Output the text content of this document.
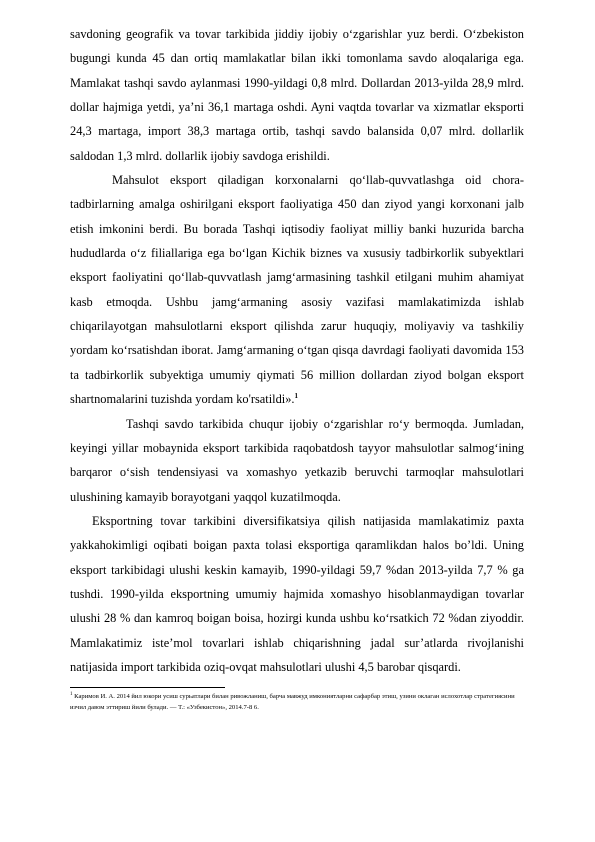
savdoning geografik va tovar tarkibida jiddiy ijobiy o‘zgarishlar yuz berdi. O‘zbekiston bugungi kunda 45 dan ortiq mamlakatlar bilan ikki tomonlama savdo aloqalariga ega. Mamlakat tashqi savdo aylanmasi 1990-yildagi 0,8 mlrd. Dollardan 2013-yilda 28,9 mlrd. dollar hajmiga yetdi, ya’ni 36,1 martaga oshdi. Ayni vaqtda tovarlar va xizmatlar eksporti 24,3 martaga, import 38,3 martaga ortib, tashqi savdo balansida 0,07 mlrd. dollarlik saldodan 1,3 mlrd. dollarlik ijobiy savdoga erishildi.

Mahsulot eksport qiladigan korxonalarni qo‘llab-quvvatlashga oid chora-tadbirlarning amalga oshirilgani eksport faoliyatiga 450 dan ziyod yangi korxonani jalb etish imkonini berdi. Bu borada Tashqi iqtisodiy faoliyat milliy banki huzurida barcha hududlarda o‘z filiallariga ega bo‘lgan Kichik biznes va xususiy tadbirkorlik subyektlari eksport faoliyatini qo‘llab-quvvatlash jamg‘armasining tashkil etilgani muhim ahamiyat kasb etmoqda. Ushbu jamg‘armaning asosiy vazifasi mamlakatimizda ishlab chiqarilayotgan mahsulotlarni eksport qilishda zarur huquqiy, moliyaviy va tashkiliy yordam ko‘rsatishdan iborat. Jamg‘armaning o‘tgan qisqa davrdagi faoliyati davomida 153 ta tadbirkorlik subyektiga umumiy qiymati 56 million dollardan ziyod bolgan eksport shartnomalarini tuzishda yordam ko'rsatildi».$^1$

Tashqi savdo tarkibida chuqur ijobiy o‘zgarishlar ro‘y bermoqda. Jumladan, keyingi yillar mobaynida eksport tarkibida raqobatdosh tayyor mahsulotlar salmog‘ining barqaror o‘sish tendensiyasi va xomashyo yetkazib beruvchi tarmoqlar mahsulotlari ulushining kamayib borayotgani yaqqol kuzatilmoqda.

Eksportning tovar tarkibini diversifikatsiya qilish natijasida mamlakatimiz paxta yakkahokimligi oqibati boigan paxta tolasi eksportiga qaramlikdan halos bo’ldi. Uning eksport tarkibidagi ulushi keskin kamayib, 1990-yildagi 59,7 %dan 2013-yilda 7,7 % ga tushdi. 1990-yilda eksportning umumiy hajmida xomashyo hisoblanmaydigan tovarlar ulushi 28 % dan kamroq boigan boisa, hozirgi kunda ushbu ko‘rsatkich 72 %dan ziyoddir. Mamlakatimiz iste’mol tovarlari ishlab chiqarishning jadal sur’atlarda rivojlanishi natijasida import tarkibida oziq-ovqat mahsulotlari ulushi 4,5 barobar qisqardi.

$^1$ Каримов И. А. 2014 йил юкори усиш сурьатлари билан ривожланиш, барча мавжуд имкониятларни сафарбар этиш, узини оклаган ислохотлар стратегиясини изчил давом эттириш йили булади. — Т.: «Узбекистон», 2014.7-8 6.
